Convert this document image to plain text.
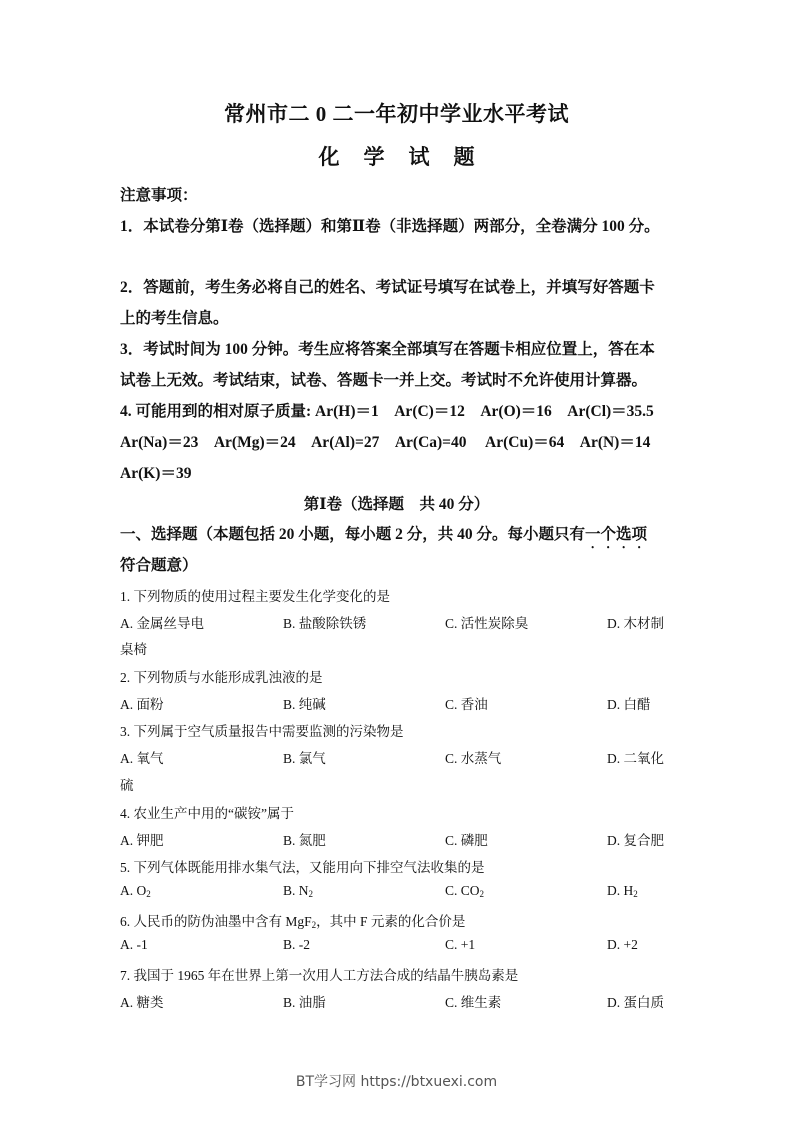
常州市二 0 二一年初中学业水平考试
化学试题
注意事项：
1．本试卷分第Ⅰ卷（选择题）和第Ⅱ卷（非选择题）两部分，全卷满分 100 分。
2．答题前，考生务必将自己的姓名、考试证号填写在试卷上，并填写好答题卡
上的考生信息。
3．考试时间为 100 分钟。考生应将答案全部填写在答题卡相应位置上，答在本
试卷上无效。考试结束，试卷、答题卡一并上交。考试时不允许使用计算器。
4. 可能用到的相对原子质量: Ar(H)＝1　Ar(C)＝12　Ar(O)＝16　Ar(Cl)＝35.5
Ar(Na)＝23　Ar(Mg)＝24　Ar(Al)=27　Ar(Ca)=40　 Ar(Cu)＝64　Ar(N)＝14
Ar(K)＝39
第Ⅰ卷（选择题　共 40 分）
一、选择题（本题包括 20 小题，每小题 2 分，共 40 分。每小题只有一个选项
符合题意）
1. 下列物质的使用过程主要发生化学变化的是
A. 金属丝导电	B. 盐酸除铁锈	C. 活性炭除臭	D. 木材制
桌椅
2. 下列物质与水能形成乳浊液的是
A. 面粉	B. 纯碱	C. 香油	D. 白醋
3. 下列属于空气质量报告中需要监测的污染物是
A. 氧气	B. 氯气	C. 水蒸气	D. 二氧化
硫
4. 农业生产中用的“碳铵”属于
A. 钾肥	B. 氮肥	C. 磷肥	D. 复合肥
5. 下列气体既能用排水集气法，又能用向下排空气法收集的是
A. $O_2$	B. $N_2$	C. $CO_2$	D. $H_2$
6. 人民币的防伪油墨中含有 MgF$_2$，其中 F 元素的化合价是
A. -1	B. -2	C. +1	D. +2
7. 我国于 1965 年在世界上第一次用人工方法合成的结晶牛胰岛素是
A. 糖类	B. 油脂	C. 维生素	D. 蛋白质
BT学习网 https://btxuexi.com
